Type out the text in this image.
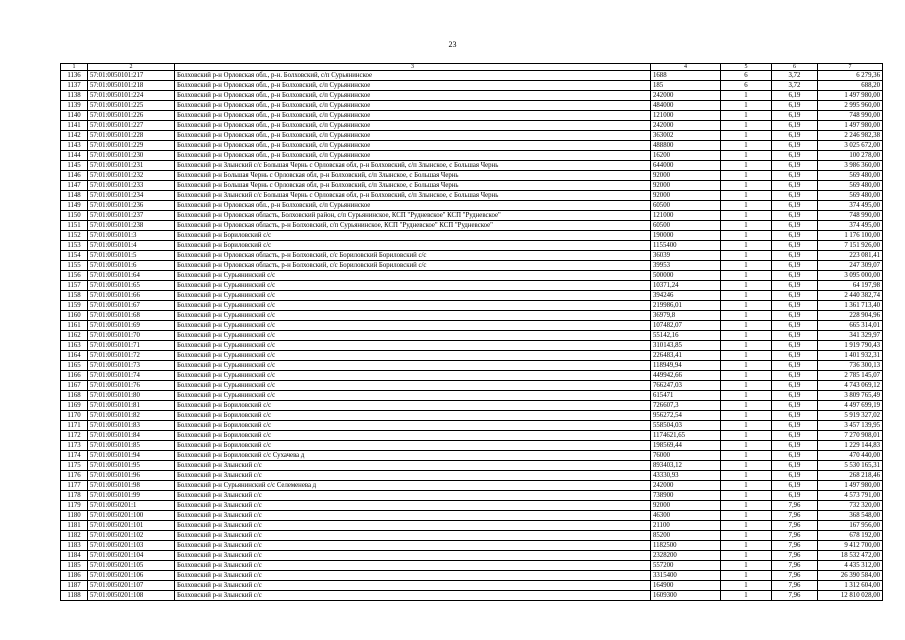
23
1	2	3	4	5	6	7
1136	57:01:0050101:217	Болховский р-н Орловская обл., р-н. Болховский, с/п Сурьянинское	1688	6	3,72	6 279,36
1137	57:01:0050101:218	Болховский р-н Орловская обл., р-н Болховский, с/п Сурьянинское	185	6	3,72	688,20
1138	57:01:0050101:224	Болховский р-н Орловская обл., р-н Болховский, с/п Сурьянинское	242000	1	6,19	1 497 980,00
1139	57:01:0050101:225	Болховский р-н Орловская обл., р-н Болховский, с/п Сурьянинское	484000	1	6,19	2 995 960,00
1140	57:01:0050101:226	Болховский р-н Орловская обл., р-н Болховский, с/п Сурьянинское	121000	1	6,19	748 990,00
1141	57:01:0050101:227	Болховский р-н Орловская обл., р-н Болховский, с/п Сурьянинское	242000	1	6,19	1 497 980,00
1142	57:01:0050101:228	Болховский р-н Орловская обл., р-н Болховский, с/п Сурьянинское	363002	1	6,19	2 246 982,38
1143	57:01:0050101:229	Болховский р-н Орловская обл., р-н Болховский, с/п Сурьянинское	488800	1	6,19	3 025 672,00
1144	57:01:0050101:230	Болховский р-н Орловская обл., р-н Болховский, с/п Сурьянинское	16200	1	6,19	100 278,00
1145	57:01:0050101:231	Болховский р-н Злынский с/с Большая Чернь с Орловская обл, р-н Болховский, с/п Злынское, с Большая Чернь	644000	1	6,19	3 986 360,00
1146	57:01:0050101:232	Болховский р-н Большая Чернь с Орловская обл, р-н Болховский, с/п Злынское, с Большая Чернь	92000	1	6,19	569 480,00
1147	57:01:0050101:233	Болховский р-н Большая Чернь с Орловская обл, р-н Болховский, с/п Злынское, с Большая Чернь	92000	1	6,19	569 480,00
1148	57:01:0050101:234	Болховский р-н Злынский с/с Большая Чернь с Орловская обл, р-н Болховский, с/п Злынское, с Большая Чернь	92000	1	6,19	569 480,00
1149	57:01:0050101:236	Болховский р-н Орловская обл., р-н Болховский, с/п Сурьянинское	60500	1	6,19	374 495,00
1150	57:01:0050101:237	Болховский р-н Орловская область, Болховский район, с/п Сурьянинское, КСП "Рудневское" КСП "Рудневское"	121000	1	6,19	748 990,00
1151	57:01:0050101:238	Болховский р-н Орловская область, р-н Болховский, с/п Сурьянинское, КСП "Рудневское" КСП "Рудневское"	60500	1	6,19	374 495,00
1152	57:01:0050101:3	Болховский р-н Бориловский с/с	190000	1	6,19	1 176 100,00
1153	57:01:0050101:4	Болховский р-н Бориловский с/с	1155400	1	6,19	7 151 926,00
1154	57:01:0050101:5	Болховский р-н Орловская область, р-н Болховский, с/с Бориловский Бориловский с/с	36039	1	6,19	223 081,41
1155	57:01:0050101:6	Болховский р-н Орловская область, р-н Болховский, с/с Бориловский Бориловский с/с	39953	1	6,19	247 309,07
1156	57:01:0050101:64	Болховский р-н Сурьянинский с/с	500000	1	6,19	3 095 000,00
1157	57:01:0050101:65	Болховский р-н Сурьянинский с/с	10371,24	1	6,19	64 197,98
1158	57:01:0050101:66	Болховский р-н Сурьянинский с/с	394246	1	6,19	2 440 382,74
1159	57:01:0050101:67	Болховский р-н Сурьянинский с/с	219986,01	1	6,19	1 361 713,40
1160	57:01:0050101:68	Болховский р-н Сурьянинский с/с	36979,8	1	6,19	228 904,96
1161	57:01:0050101:69	Болховский р-н Сурьянинский с/с	107482,07	1	6,19	665 314,01
1162	57:01:0050101:70	Болховский р-н Сурьянинский с/с	55142,16	1	6,19	341 329,97
1163	57:01:0050101:71	Болховский р-н Сурьянинский с/с	310143,85	1	6,19	1 919 790,43
1164	57:01:0050101:72	Болховский р-н Сурьянинский с/с	226483,41	1	6,19	1 401 932,31
1165	57:01:0050101:73	Болховский р-н Сурьянинский с/с	118949,94	1	6,19	736 300,13
1166	57:01:0050101:74	Болховский р-н Сурьянинский с/с	449942,66	1	6,19	2 785 145,07
1167	57:01:0050101:76	Болховский р-н Сурьянинский с/с	766247,03	1	6,19	4 743 069,12
1168	57:01:0050101:80	Болховский р-н Сурьянинский с/с	615471	1	6,19	3 809 765,49
1169	57:01:0050101:81	Болховский р-н Бориловский с/с	726607,3	1	6,19	4 497 699,19
1170	57:01:0050101:82	Болховский р-н Бориловский с/с	956272,54	1	6,19	5 919 327,02
1171	57:01:0050101:83	Болховский р-н Бориловский с/с	558504,03	1	6,19	3 457 139,95
1172	57:01:0050101:84	Болховский р-н Бориловский с/с	1174621,65	1	6,19	7 270 908,01
1173	57:01:0050101:85	Болховский р-н Бориловский с/с	198569,44	1	6,19	1 229 144,83
1174	57:01:0050101:94	Болховский р-н Бориловский с/с Сухачева д	76000	1	6,19	470 440,00
1175	57:01:0050101:95	Болховский р-н Злынский с/с	893403,12	1	6,19	5 530 165,31
1176	57:01:0050101:96	Болховский р-н Злынский с/с	43330,93	1	6,19	268 218,46
1177	57:01:0050101:98	Болховский р-н Сурьянинский с/с Селеменева д	242000	1	6,19	1 497 980,00
1178	57:01:0050101:99	Болховский р-н Злынский с/с	738900	1	6,19	4 573 791,00
1179	57:01:0050201:1	Болховский р-н Злынский с/с	92000	1	7,96	732 320,00
1180	57:01:0050201:100	Болховский р-н Злынский с/с	46300	1	7,96	368 548,00
1181	57:01:0050201:101	Болховский р-н Злынский с/с	21100	1	7,96	167 956,00
1182	57:01:0050201:102	Болховский р-н Злынский с/с	85200	1	7,96	678 192,00
1183	57:01:0050201:103	Болховский р-н Злынский с/с	1182500	1	7,96	9 412 700,00
1184	57:01:0050201:104	Болховский р-н Злынский с/с	2328200	1	7,96	18 532 472,00
1185	57:01:0050201:105	Болховский р-н Злынский с/с	557200	1	7,96	4 435 312,00
1186	57:01:0050201:106	Болховский р-н Злынский с/с	3315400	1	7,96	26 390 584,00
1187	57:01:0050201:107	Болховский р-н Злынский с/с	164900	1	7,96	1 312 604,00
1188	57:01:0050201:108	Болховский р-н Злынский с/с	1609300	1	7,96	12 810 028,00
